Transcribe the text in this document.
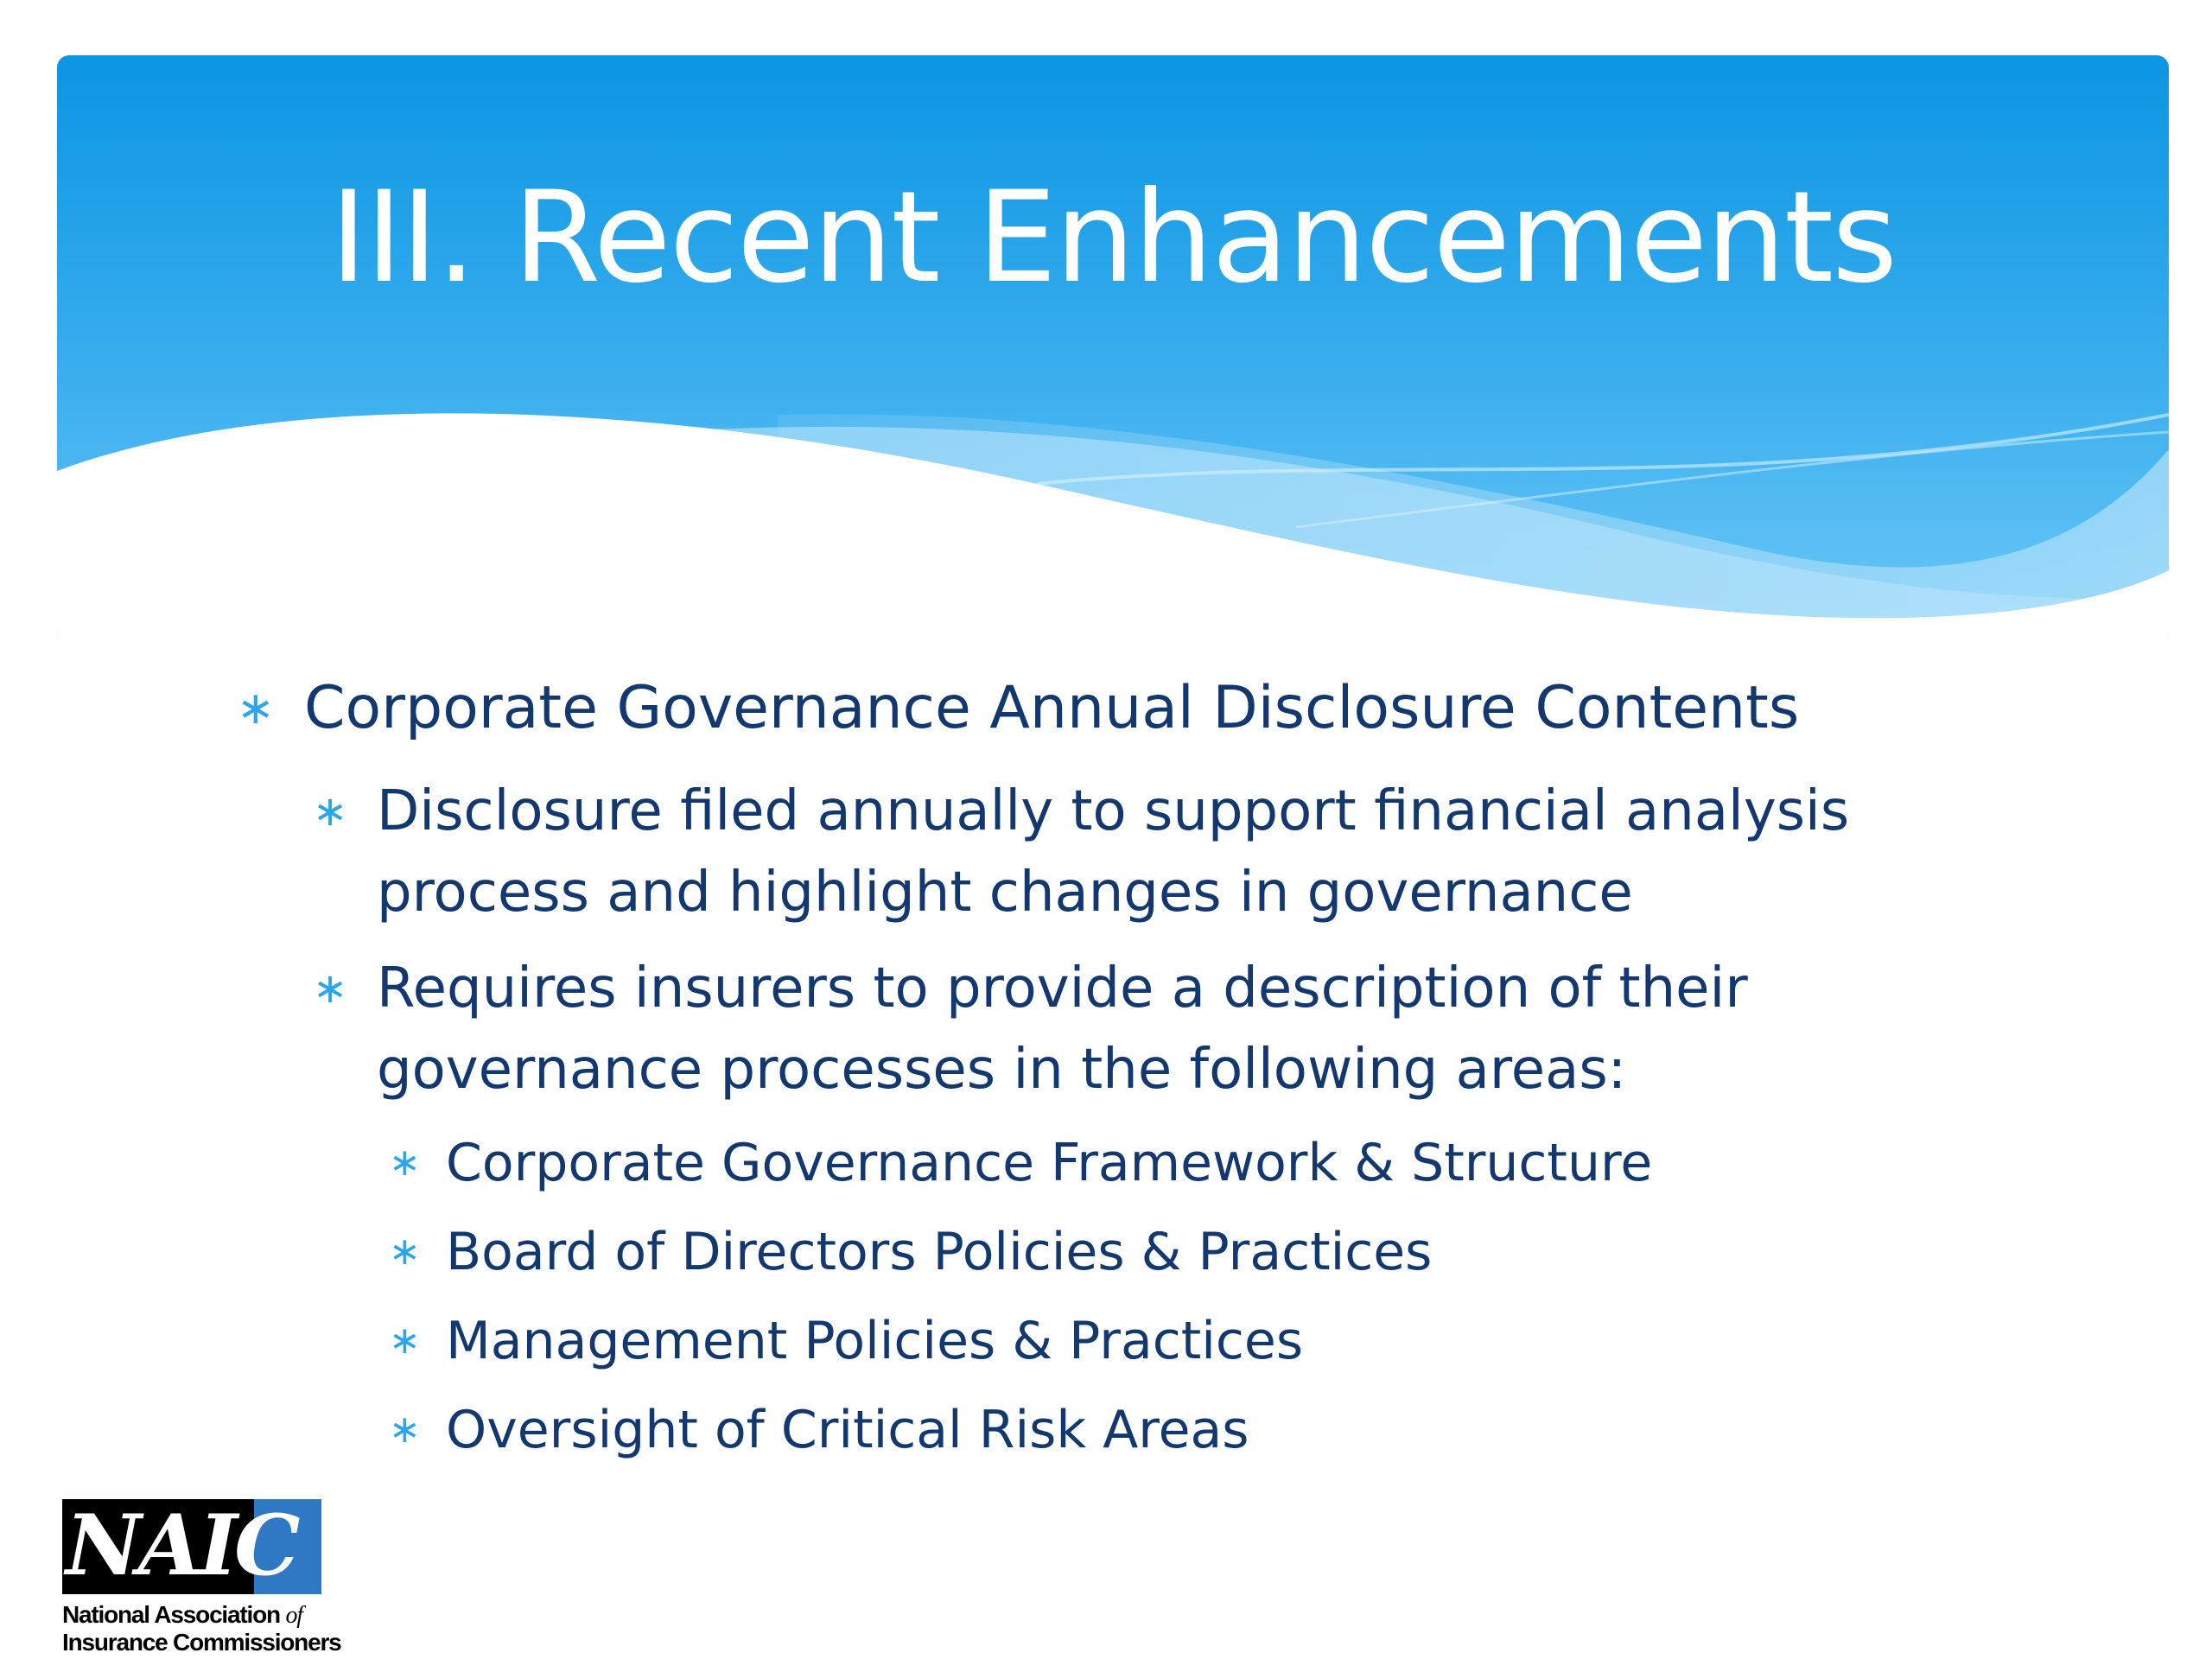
III. Recent Enhancements
∗ Corporate Governance Annual Disclosure Contents
∗ Disclosure filed annually to support financial analysis
process and highlight changes in governance
∗ Requires insurers to provide a description of their
governance processes in the following areas:
∗ Corporate Governance Framework & Structure
∗ Board of Directors Policies & Practices
∗ Management Policies & Practices
∗ Oversight of Critical Risk Areas
NAIC
National Association of
Insurance Commissioners
